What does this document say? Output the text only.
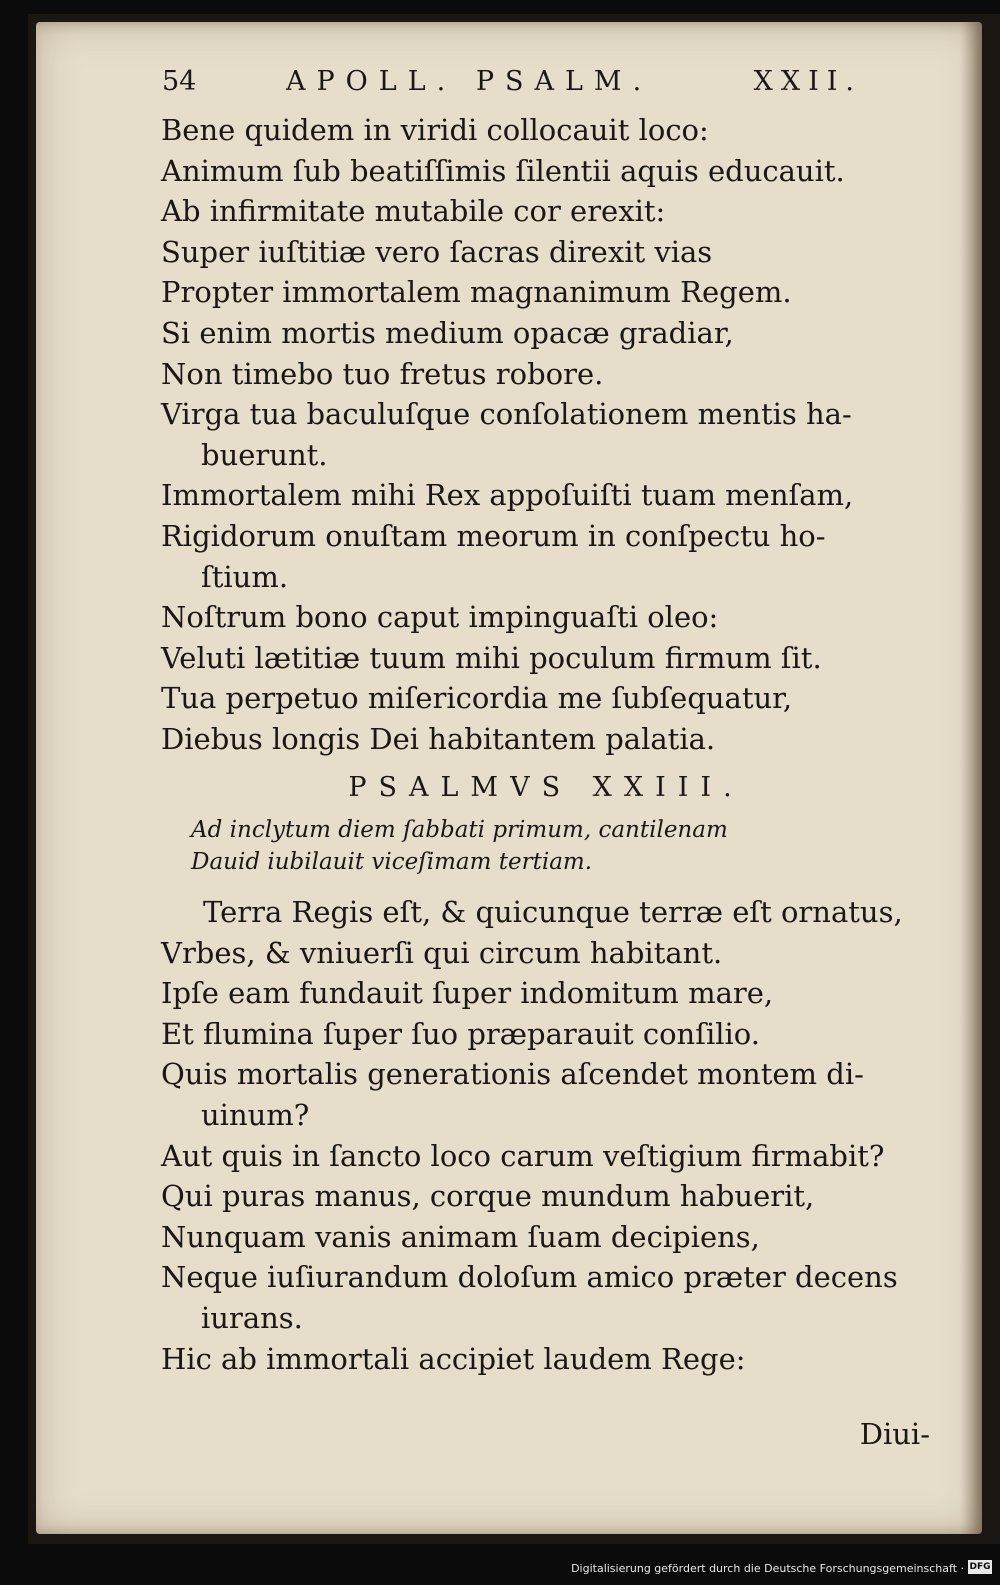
54	APOLL. PSALM.	XXII.
Bene quidem in viridi collocauit loco:
Animum ſub beatiſſimis ſilentii aquis educauit.
Ab infirmitate mutabile cor erexit:
Super iuſtitiæ vero ſacras direxit vias
Propter immortalem magnanimum Regem.
Si enim mortis medium opacæ gradiar,
Non timebo tuo fretus robore.
Virga tua baculuſque conſolationem mentis ha-
buerunt.
Immortalem mihi Rex appoſuiſti tuam menſam,
Rigidorum onuſtam meorum in conſpectu ho-
ſtium.
Noſtrum bono caput impinguaſti oleo:
Veluti lætitiæ tuum mihi poculum firmum ſit.
Tua perpetuo miſericordia me ſubſequatur,
Diebus longis Dei habitantem palatia.
PSALMVS XXIII.
Ad inclytum diem ſabbati primum, cantilenam
Dauid iubilauit viceſimam tertiam.
Terra Regis eſt, & quicunque terræ eſt ornatus,
Vrbes, & vniuerſi qui circum habitant.
Ipſe eam fundauit ſuper indomitum mare,
Et flumina ſuper ſuo præparauit conſilio.
Quis mortalis generationis aſcendet montem di-
uinum?
Aut quis in ſancto loco carum veſtigium firmabit?
Qui puras manus, corque mundum habuerit,
Nunquam vanis animam ſuam decipiens,
Neque iuſiurandum doloſum amico præter decens
iurans.
Hic ab immortali accipiet laudem Rege:
Diui-
Digitalisierung gefördert durch die Deutsche Forschungsgemeinschaft · DFG
